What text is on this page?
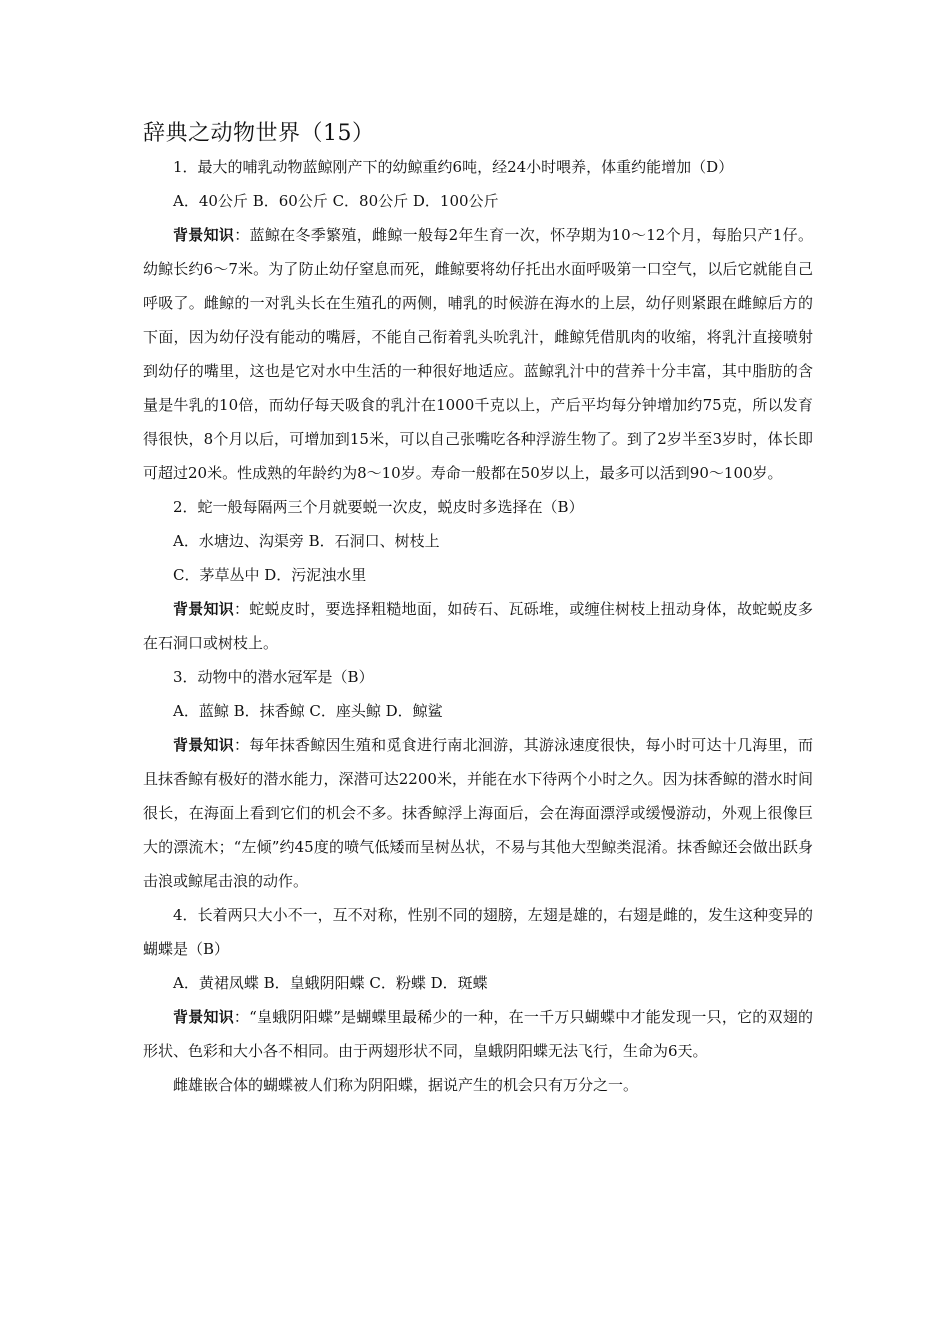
辞典之动物世界（15）

1．最大的哺乳动物蓝鲸刚产下的幼鲸重约6吨，经24小时喂养，体重约能增加（D）

A．40公斤 B．60公斤 C．80公斤 D．100公斤

背景知识：蓝鲸在冬季繁殖，雌鲸一般每2年生育一次，怀孕期为10～12个月，每胎只产1仔。幼鲸长约6～7米。为了防止幼仔窒息而死，雌鲸要将幼仔托出水面呼吸第一口空气，以后它就能自己呼吸了。雌鲸的一对乳头长在生殖孔的两侧，哺乳的时候游在海水的上层，幼仔则紧跟在雌鲸后方的下面，因为幼仔没有能动的嘴唇，不能自己衔着乳头吮乳汁，雌鲸凭借肌肉的收缩，将乳汁直接喷射到幼仔的嘴里，这也是它对水中生活的一种很好地适应。蓝鲸乳汁中的营养十分丰富，其中脂肪的含量是牛乳的10倍，而幼仔每天吸食的乳汁在1000千克以上，产后平均每分钟增加约75克，所以发育得很快，8个月以后，可增加到15米，可以自己张嘴吃各种浮游生物了。到了2岁半至3岁时，体长即可超过20米。性成熟的年龄约为8～10岁。寿命一般都在50岁以上，最多可以活到90～100岁。

2．蛇一般每隔两三个月就要蜕一次皮，蜕皮时多选择在（B）

A．水塘边、沟渠旁 B．石洞口、树枝上

C．茅草丛中 D．污泥浊水里

背景知识：蛇蜕皮时，要选择粗糙地面，如砖石、瓦砾堆，或缠住树枝上扭动身体，故蛇蜕皮多在石洞口或树枝上。

3．动物中的潜水冠军是（B）

A．蓝鲸 B．抹香鲸 C．座头鲸 D．鲸鲨

背景知识：每年抹香鲸因生殖和觅食进行南北洄游，其游泳速度很快，每小时可达十几海里，而且抹香鲸有极好的潜水能力，深潜可达2200米，并能在水下待两个小时之久。因为抹香鲸的潜水时间很长，在海面上看到它们的机会不多。抹香鲸浮上海面后，会在海面漂浮或缓慢游动，外观上很像巨大的漂流木；“左倾”约45度的喷气低矮而呈树丛状，不易与其他大型鲸类混淆。抹香鲸还会做出跃身击浪或鲸尾击浪的动作。

4．长着两只大小不一，互不对称，性别不同的翅膀，左翅是雄的，右翅是雌的，发生这种变异的蝴蝶是（B）

A．黄裙凤蝶 B．皇蛾阴阳蝶 C．粉蝶 D．斑蝶

背景知识：“皇蛾阴阳蝶”是蝴蝶里最稀少的一种，在一千万只蝴蝶中才能发现一只，它的双翅的形状、色彩和大小各不相同。由于两翅形状不同，皇蛾阴阳蝶无法飞行，生命为6天。

雌雄嵌合体的蝴蝶被人们称为阴阳蝶，据说产生的机会只有万分之一。
